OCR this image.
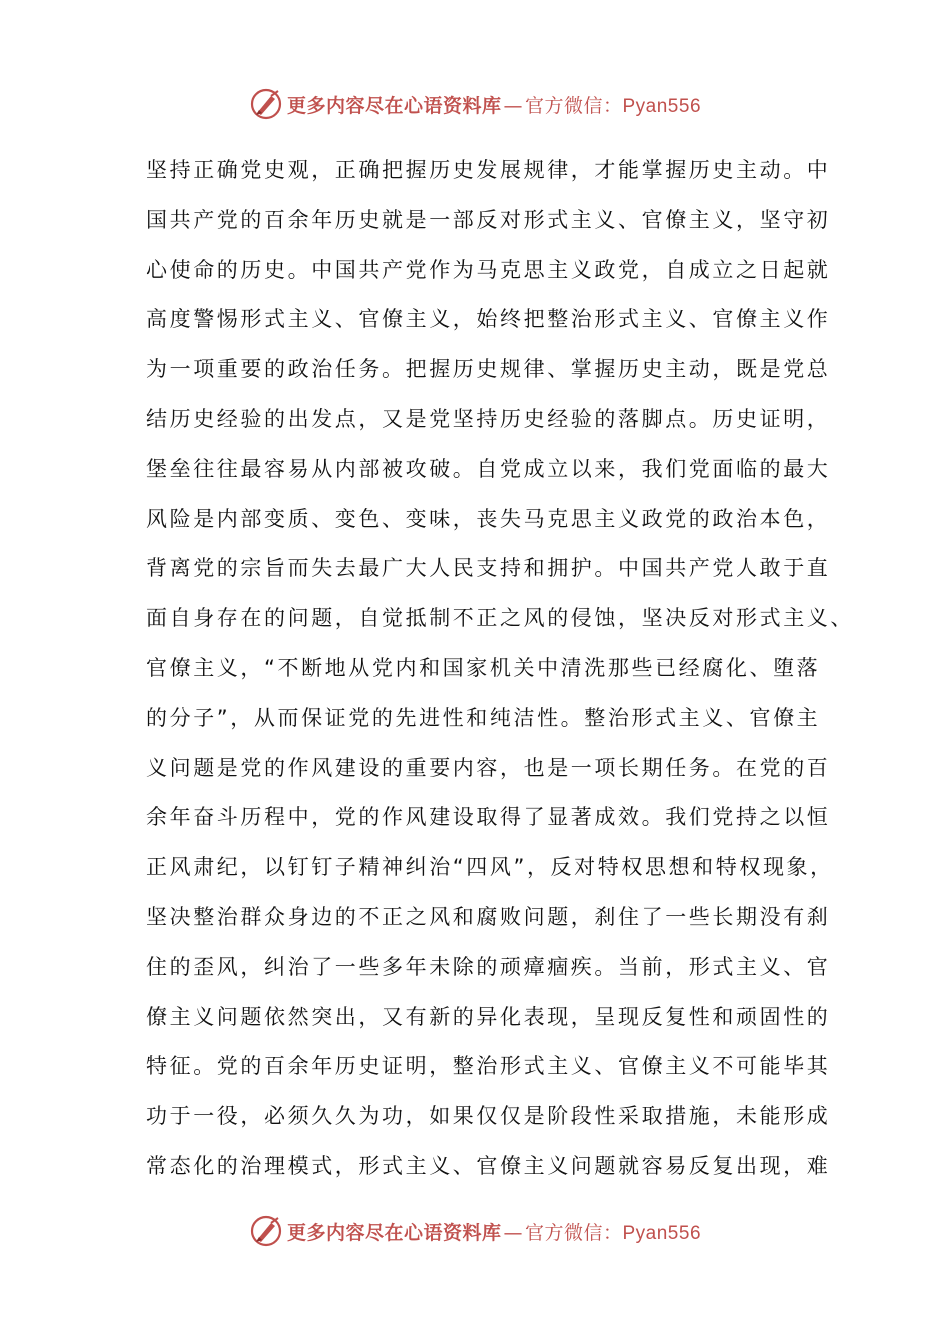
更多内容尽在心语资料库 — 官方微信：Pyan556
坚持正确党史观，正确把握历史发展规律，才能掌握历史主动。中
国共产党的百余年历史就是一部反对形式主义、官僚主义，坚守初
心使命的历史。中国共产党作为马克思主义政党，自成立之日起就
高度警惕形式主义、官僚主义，始终把整治形式主义、官僚主义作
为一项重要的政治任务。把握历史规律、掌握历史主动，既是党总
结历史经验的出发点，又是党坚持历史经验的落脚点。历史证明，
堡垒往往最容易从内部被攻破。自党成立以来，我们党面临的最大
风险是内部变质、变色、变味，丧失马克思主义政党的政治本色，
背离党的宗旨而失去最广大人民支持和拥护。中国共产党人敢于直
面自身存在的问题，自觉抵制不正之风的侵蚀，坚决反对形式主义、
官僚主义，“不断地从党内和国家机关中清洗那些已经腐化、堕落
的分子”，从而保证党的先进性和纯洁性。整治形式主义、官僚主
义问题是党的作风建设的重要内容，也是一项长期任务。在党的百
余年奋斗历程中，党的作风建设取得了显著成效。我们党持之以恒
正风肃纪，以钉钉子精神纠治“四风”，反对特权思想和特权现象，
坚决整治群众身边的不正之风和腐败问题，刹住了一些长期没有刹
住的歪风，纠治了一些多年未除的顽瘴痼疾。当前，形式主义、官
僚主义问题依然突出，又有新的异化表现，呈现反复性和顽固性的
特征。党的百余年历史证明，整治形式主义、官僚主义不可能毕其
功于一役，必须久久为功，如果仅仅是阶段性采取措施，未能形成
常态化的治理模式，形式主义、官僚主义问题就容易反复出现，难
更多内容尽在心语资料库 — 官方微信：Pyan556
